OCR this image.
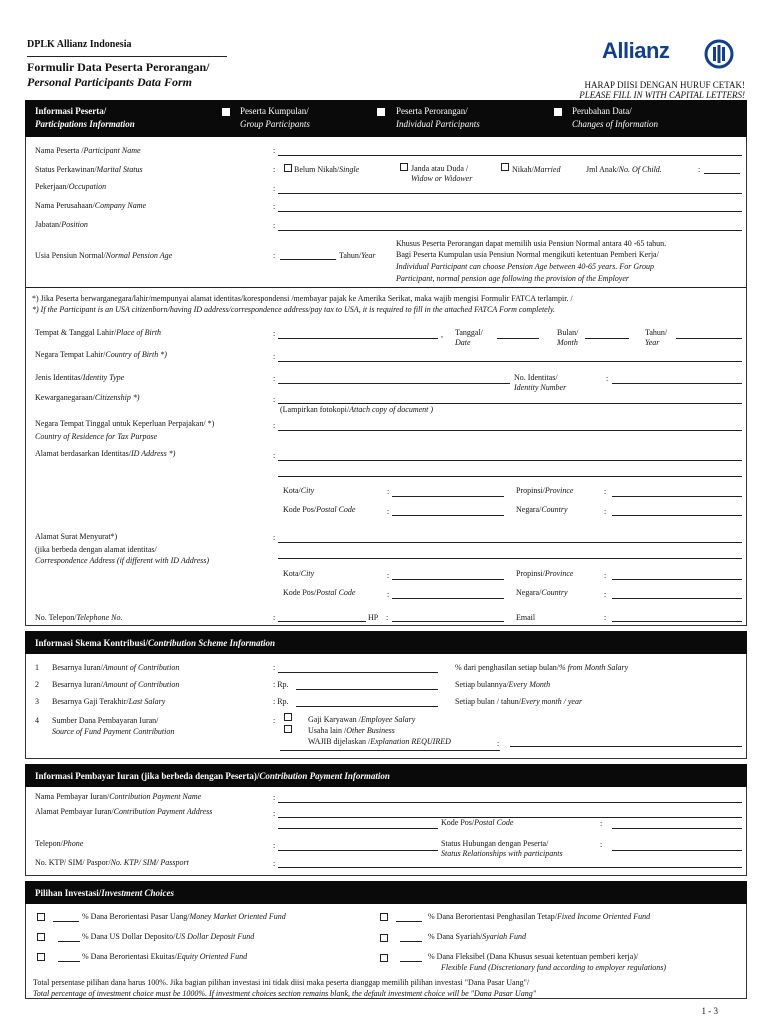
DPLK Allianz Indonesia
Formulir Data Peserta Perorangan/
Personal Participants Data Form
Allianz
HARAP DIISI DENGAN HURUF CETAK!
PLEASE FILL IN WITH CAPITAL LETTERS!
Informasi Peserta/
Participations Information
Peserta Kumpulan/
Group Participants
Peserta Perorangan/
Individual Participants
Perubahan Data/
Changes of Information
Nama Peserta /Participant Name	:
Status Perkawinan/Marital Status	: Belum Nikah/Single	Janda atau Duda /
Widow or Widower
Nikah/Married	Jml Anak/No. Of Child.	:
Pekerjaan/Occupation	:
Nama Perusahaan/Company Name	:
Jabatan/Position	:
Usia Pensiun Normal/Normal Pension Age	:	Tahun/Year
Khusus Peserta Perorangan dapat memilih usia Pensiun Normal antara 40 -65 tahun.
Bagi Peserta Kumpulan usia Pensiun Normal mengikuti ketentuan Pemberi Kerja/
Individual Participant can choose Pension Age between 40-65 years. For Group
Participant, normal pension age following the provision of the Employer
*) Jika Peserta berwarganegara/lahir/mempunyai alamat identitas/korespondensi /membayar pajak ke Amerika Serikat, maka wajib mengisi Formulir FATCA terlampir. /
*) If the Participant is an USA citizenborn/having ID address/correspondence address/pay tax to USA, it is required to fill in the attached FATCA Form completely.
Tempat & Tanggal Lahir/Place of Birth	:	, Tanggal/
Date
Bulan/
Month
Tahun/
Year
Negara Tempat Lahir/Country of Birth *)	:
Jenis Identitas/Identity Type	:	No. Identitas/
Identity Number
:
Kewarganegaraan/Citizenship *)	:
(Lampirkan fotokopi/Attach copy of document )
Negara Tempat Tinggal untuk Keperluan Perpajakan/ *)
Country of Residence for Tax Purpose
:
Alamat berdasarkan Identitas/ID Address *)	:
Kota/City	:	Propinsi/Province	:
Kode Pos/Postal Code	:	Negara/Country	:
Alamat Surat Menyurat*)
(jika berbeda dengan alamat identitas/
Correspondence Address (if different with ID Address)
:
Kota/City	:	Propinsi/Province	:
Kode Pos/Postal Code	:	Negara/Country	:
No. Telepon/Telephone No.	:	HP :	Email	:
Informasi Skema Kontribusi/Contribution Scheme Information
1 Besarnya Iuran/Amount of Contribution	:	% dari penghasilan setiap bulan/% from Month Salary
2 Besarnya Iuran/Amount of Contribution	: Rp.	Setiap bulannya/Every Month
3 Besarnya Gaji Terakhir/Last Salary	: Rp.	Setiap bulan / tahun/Every month / year
4 Sumber Dana Pembayaran Iuran/
Source of Fund Payment Contribution
:	Gaji Karyawan /Employee Salary
Usaha lain /Other Business
WAJIB dijelaskan /Explanation REQUIRED	:
Informasi Pembayar Iuran (jika berbeda dengan Peserta)/Contribution Payment Information
Nama Pembayar Iuran/Contribution Payment Name	:
Alamat Pembayar Iuran/Contribution Payment Address	:
Kode Pos/Postal Code	:
Telepon/Phone	:	Status Hubungan dengan Peserta/
Status Relationships with participants
:
No. KTP/ SIM/ Paspor/No. KTP/ SIM/ Passport	:
Pilihan Investasi/Investment Choices
% Dana Berorientasi Pasar Uang/Money Market Oriented Fund	% Dana Berorientasi Penghasilan Tetap/Fixed Income Oriented Fund
% Dana US Dollar Deposito/US Dollar Deposit Fund	% Dana Syariah/Syariah Fund
% Dana Berorientasi Ekuitas/Equity Oriented Fund	% Dana Fleksibel (Dana Khusus sesuai ketentuan pemberi kerja)/
Flexible Fund (Discretionary fund according to employer regulations)
Total persentase pilihan dana harus 100%. Jika bagian pilihan investasi ini tidak diisi maka peserta dianggap memilih pilihan investasi "Dana Pasar Uang"/
Total percentage of investment choice must be 1000%. If investment choices section remains blank, the default investment choice will be "Dana Pasar Uang"
1 - 3
